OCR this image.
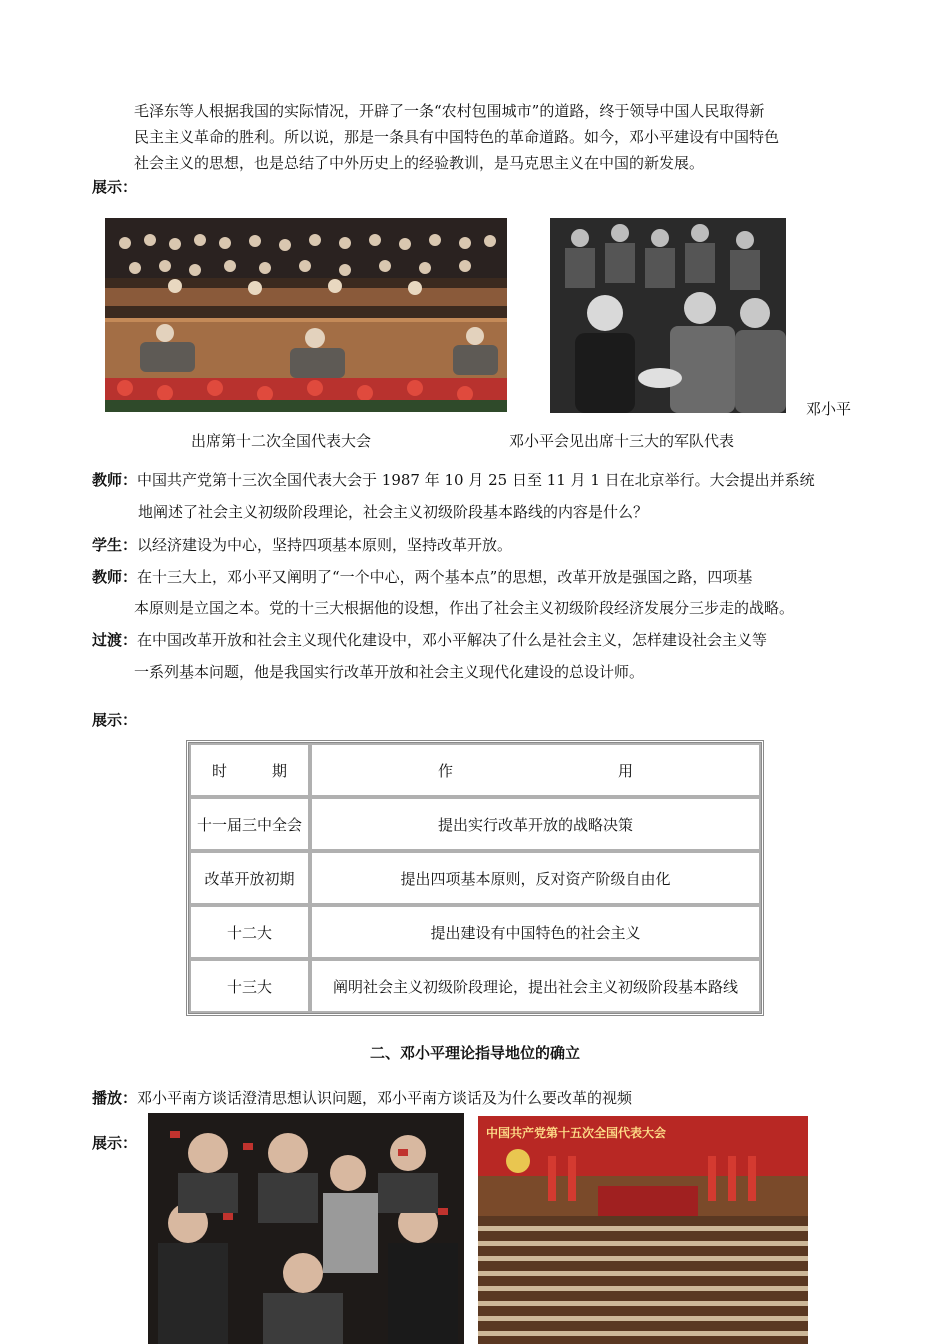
毛泽东等人根据我国的实际情况，开辟了一条“农村包围城市”的道路，终于领导中国人民取得新
民主主义革命的胜利。所以说，那是一条具有中国特色的革命道路。如今，邓小平建设有中国特色
社会主义的思想，也是总结了中外历史上的经验教训，是马克思主义在中国的新发展。
展示：
邓小平
出席第十二次全国代表大会	邓小平会见出席十三大的军队代表
教师：中国共产党第十三次全国代表大会于 1987 年 10 月 25 日至 11 月 1 日在北京举行。大会提出并系统
地阐述了社会主义初级阶段理论，社会主义初级阶段基本路线的内容是什么？
学生：以经济建设为中心，坚持四项基本原则，坚持改革开放。
教师：在十三大上，邓小平又阐明了“一个中心，两个基本点”的思想，改革开放是强国之路，四项基
本原则是立国之本。党的十三大根据他的设想，作出了社会主义初级阶段经济发展分三步走的战略。
过渡：在中国改革开放和社会主义现代化建设中，邓小平解决了什么是社会主义，怎样建设社会主义等
一系列基本问题，他是我国实行改革开放和社会主义现代化建设的总设计师。
展示：
时　　　期	作　　　　　　　　　　　用
十一届三中全会	提出实行改革开放的战略决策
改革开放初期	提出四项基本原则，反对资产阶级自由化
十二大	提出建设有中国特色的社会主义
十三大	阐明社会主义初级阶段理论，提出社会主义初级阶段基本路线
二、邓小平理论指导地位的确立
播放：邓小平南方谈话澄清思想认识问题，邓小平南方谈话及为什么要改革的视频
展示：
中国共产党第十五次全国代表大会
